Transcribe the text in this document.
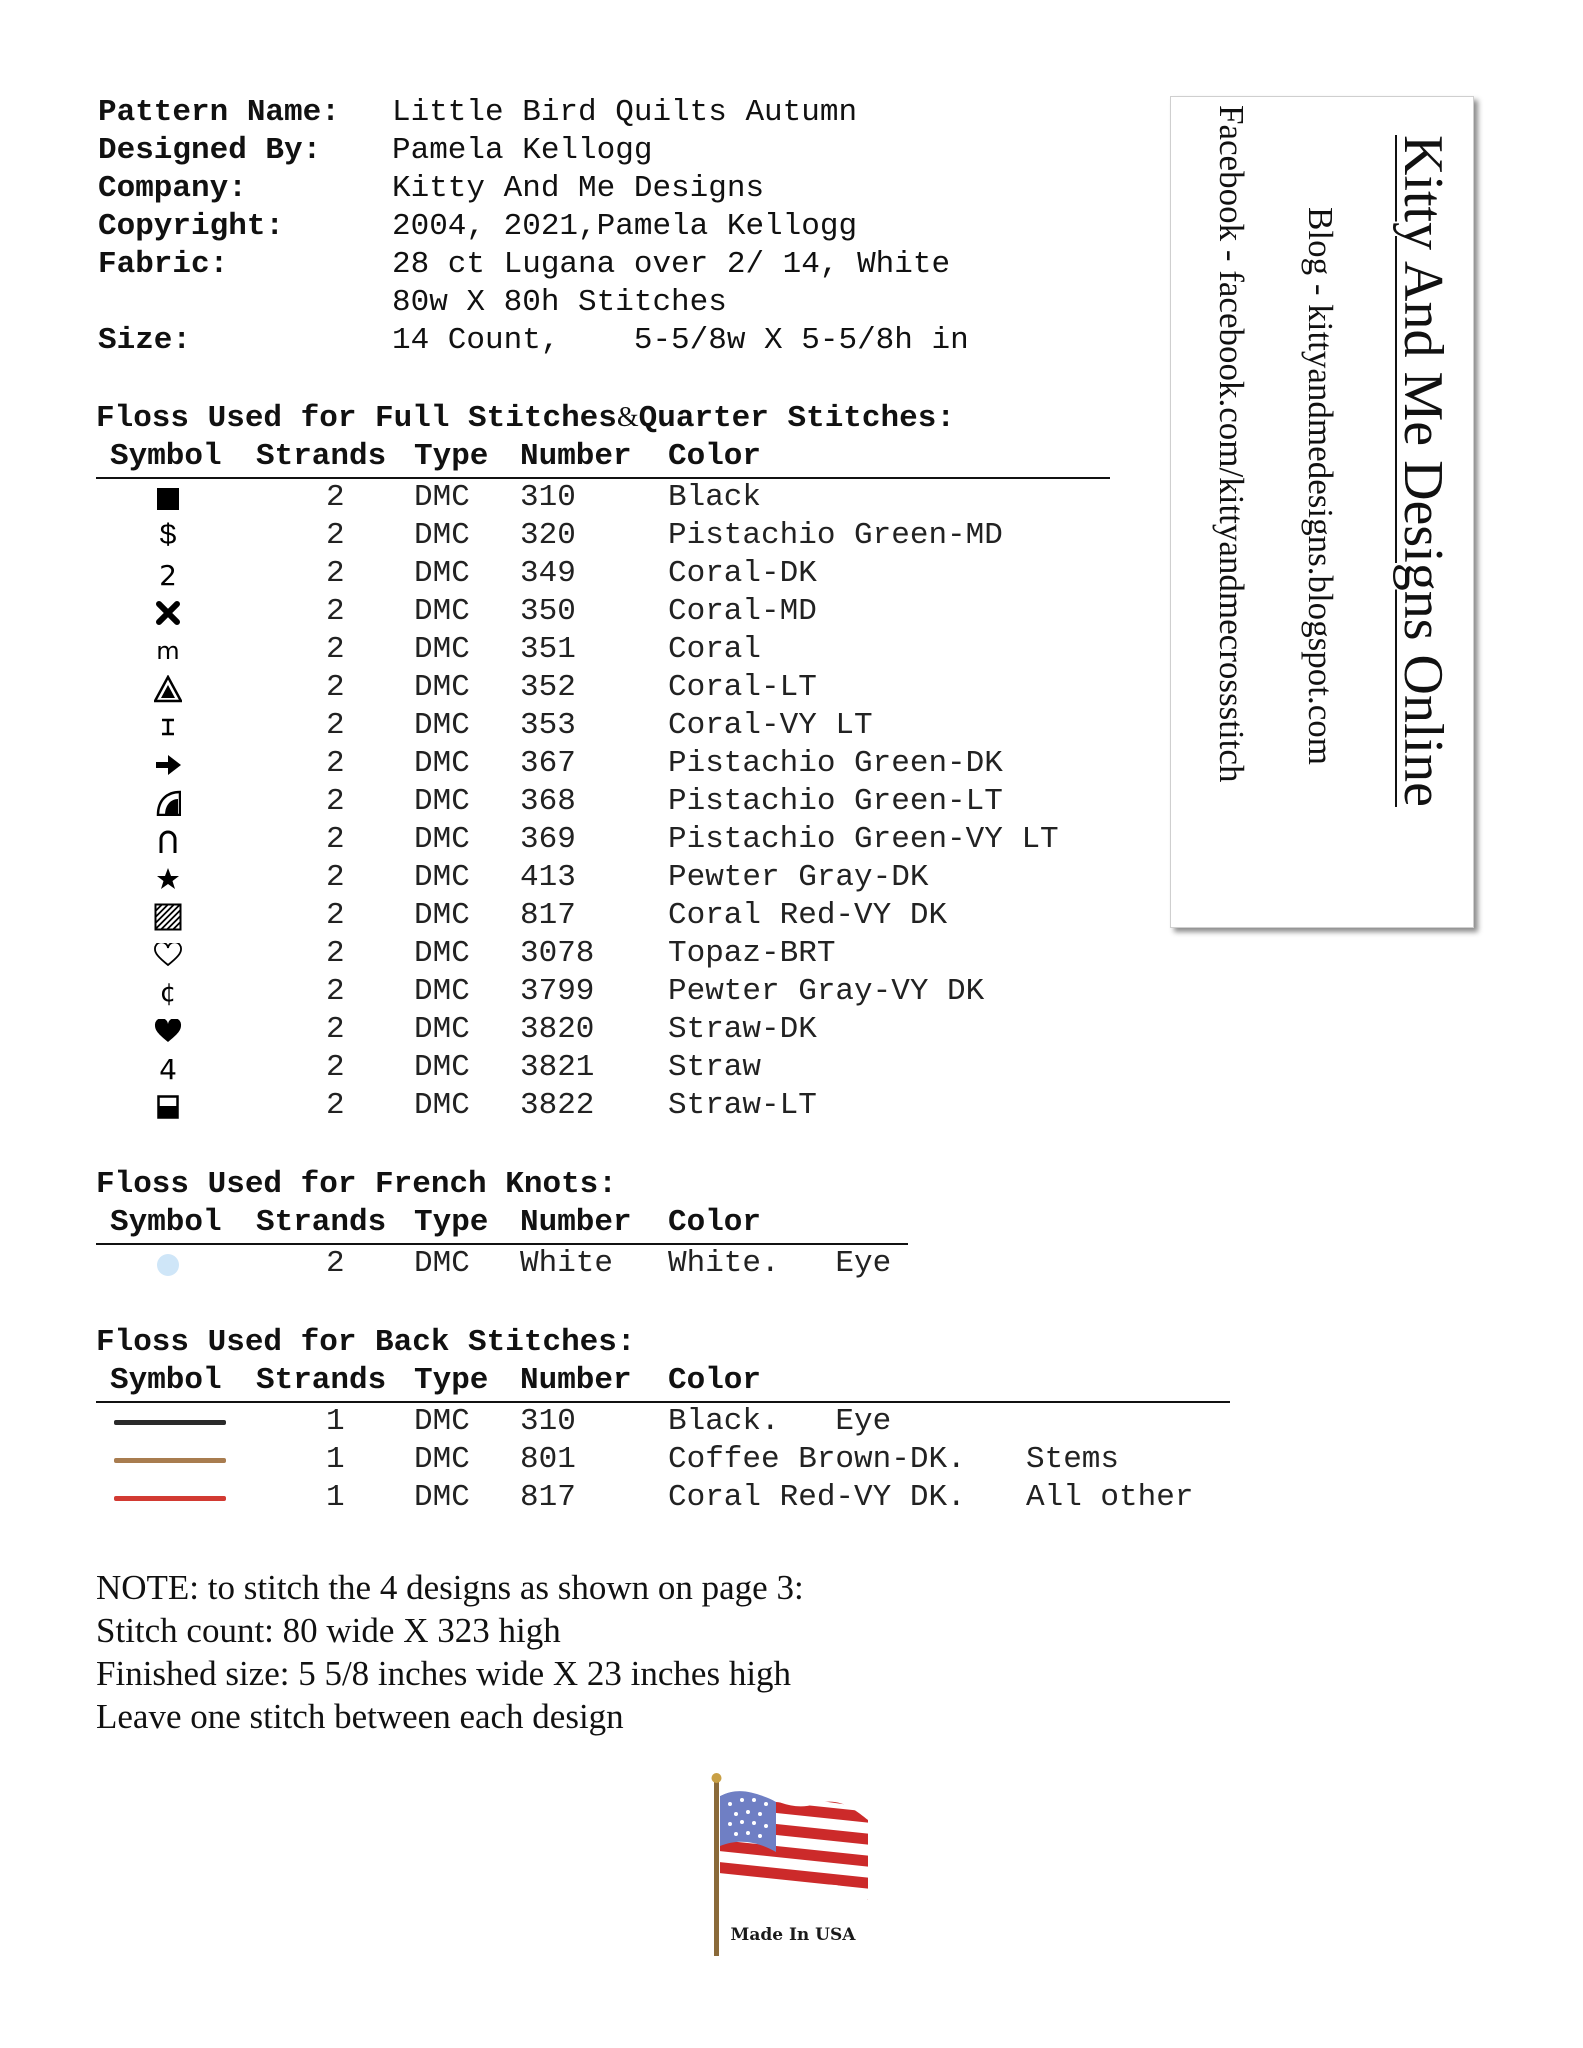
Pattern Name: Little Bird Quilts Autumn
Designed By: Pamela Kellogg
Company:	Kitty And Me Designs
Copyright:	2004, 2021,Pamela Kellogg
Fabric:	28 ct Lugana over 2/ 14, White
80w X 80h Stitches
Size:	14 Count,    5-5/8w X 5-5/8h in
Floss Used for Full Stitches&Quarter Stitches:
Symbol Strands Type Number Color
2 DMC 310	Black
$	2 DMC 320	Pistachio Green-MD
2	2 DMC 349	Coral-DK
2 DMC 350	Coral-MD
m	2 DMC 351	Coral
2 DMC 352	Coral-LT
2 DMC 353	Coral-VY LT
2 DMC 367	Pistachio Green-DK
2 DMC 368	Pistachio Green-LT
2 DMC 369	Pistachio Green-VY LT
2 DMC 413	Pewter Gray-DK
2 DMC 817	Coral Red-VY DK
2 DMC 3078 Topaz-BRT
¢	2 DMC 3799 Pewter Gray-VY DK
2 DMC 3820 Straw-DK
4	2 DMC 3821 Straw
2 DMC 3822 Straw-LT
Floss Used for French Knots:
Symbol Strands Type Number Color
2 DMC White White.   Eye
Floss Used for Back Stitches:
Symbol Strands Type Number Color
1 DMC 310	Black.   Eye
1 DMC 801	Coffee Brown-DK. Stems
1 DMC 817	Coral Red-VY DK. All other
NOTE: to stitch the 4 designs as shown on page 3:
Stitch count: 80 wide X 323 high
Finished size: 5 5/8 inches wide X 23 inches high
Leave one stitch between each design
Kitty And Me Designs Online
Blog - kittyandmedesigns.blogspot.com
Facebook - facebook.com/kittyandmecrossstitch
Made In USA
